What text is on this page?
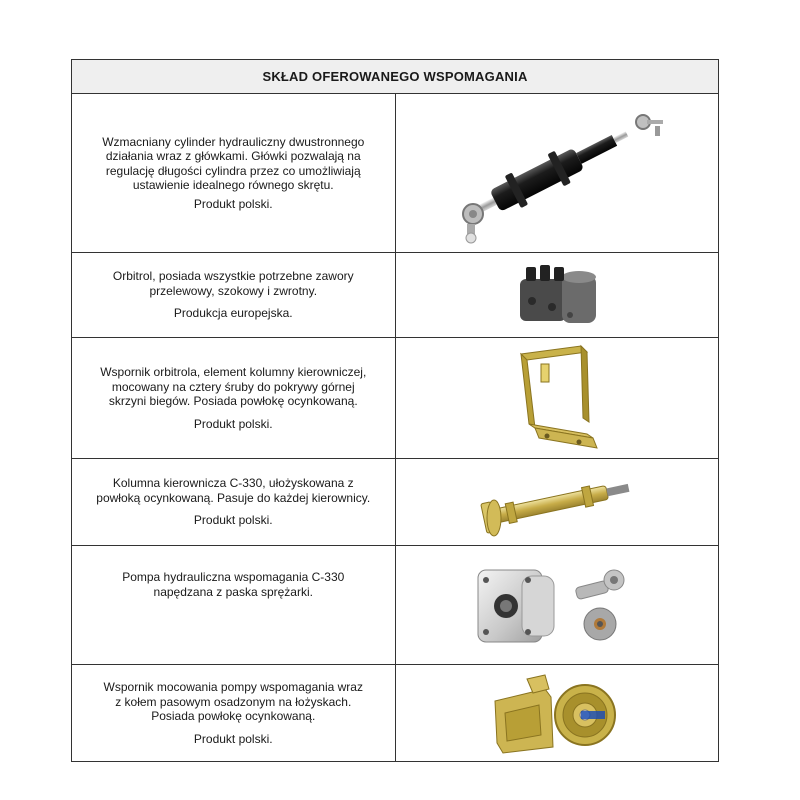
SKŁAD OFEROWANEGO WSPOMAGANIA	

Wzmacniany cylinder hydrauliczny dwustronnego
działania wraz z główkami. Główki pozwalają na
regulację długości cylindra przez co umożliwiają
ustawienie idealnego równego skrętu.
Produkt polski.

Orbitrol, posiada wszystkie potrzebne zawory
przelewowy, szokowy i zwrotny.
Produkcja europejska.

Wspornik orbitrola, element kolumny kierowniczej,
mocowany na cztery śruby do pokrywy górnej
skrzyni biegów. Posiada powłokę ocynkowaną.
Produkt polski.

Kolumna kierownicza C-330, ułożyskowana z
powłoką ocynkowaną. Pasuje do każdej kierownicy.
Produkt polski.

Pompa hydrauliczna wspomagania C-330
napędzana z paska sprężarki.

Wspornik mocowania pompy wspomagania wraz
z kołem pasowym osadzonym na łożyskach.
Posiada powłokę ocynkowaną.
Produkt polski.
